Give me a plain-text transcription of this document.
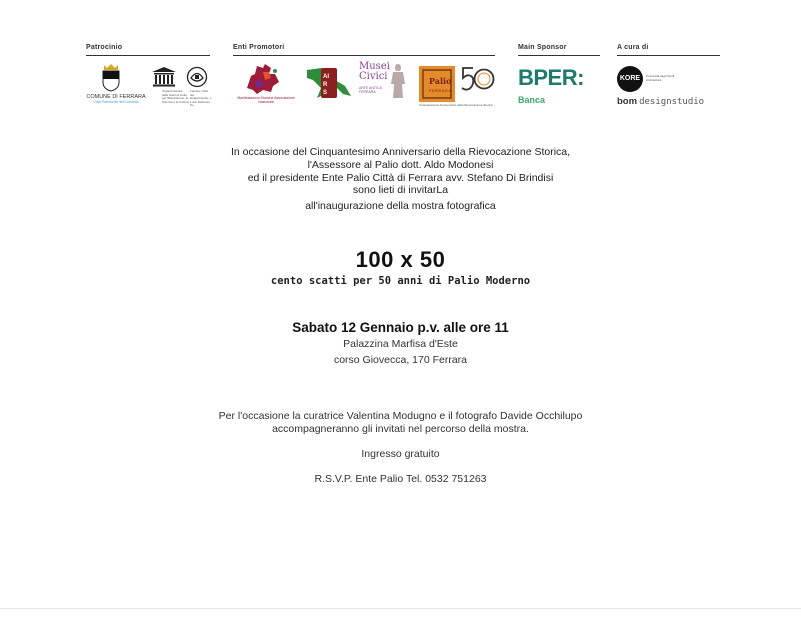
Patrocinio
COMUNE DI FERRARA
Città Patrimonio dell'Umanità
Organizzazione delle Nazioni Unite per l'Educazione, la Scienza e la Cultura
Ferrara, Città del Rinascimento, e il suo Delta del Po
Enti Promotori
Manifestazioni Storiche Associazione Nazionale
AI
R
S
Musei Civici
ARTE ANTICA FERRARA
Palio
FERRARA
Cinquantesimo Anniversario della Rievocazione Storica
Main Sponsor
BPER:
Banca
A cura di
KORE	Università degli Studi Architettura
bom designstudio
In occasione del Cinquantesimo Anniversario della Rievocazione Storica,
l'Assessore al Palio dott. Aldo Modonesi
ed il presidente Ente Palio Città di Ferrara avv. Stefano Di Brindisi
sono lieti di invitarLa
all'inaugurazione della mostra fotografica
100 x 50
cento scatti per 50 anni di Palio Moderno
Sabato 12 Gennaio p.v. alle ore 11
Palazzina Marfisa d'Este
corso Giovecca, 170 Ferrara
Per l'occasione la curatrice Valentina Modugno e il fotografo Davide Occhilupo
accompagneranno gli invitati nel percorso della mostra.
Ingresso gratuito
R.S.V.P. Ente Palio Tel. 0532 751263
